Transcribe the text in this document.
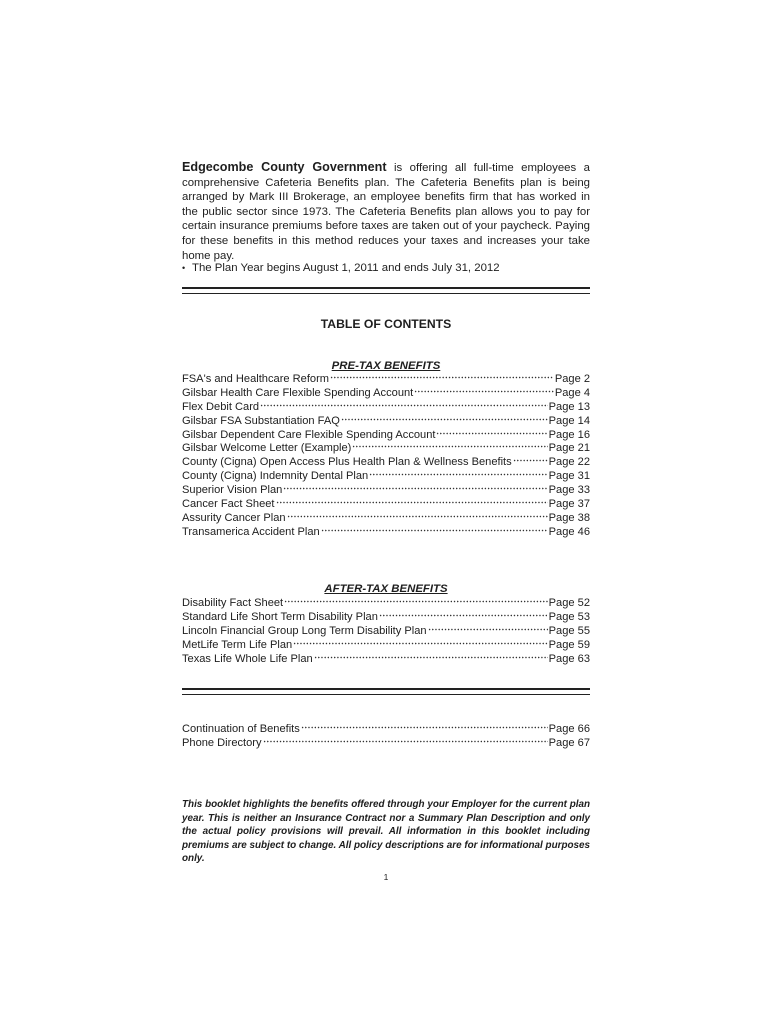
Edgecombe County Government is offering all full-time employees a comprehensive Cafeteria Benefits plan. The Cafeteria Benefits plan is being arranged by Mark III Brokerage, an employee benefits firm that has worked in the public sector since 1973. The Cafeteria Benefits plan allows you to pay for certain insurance premiums before taxes are taken out of your paycheck. Paying for these benefits in this method reduces your taxes and increases your take home pay.

• The Plan Year begins August 1, 2011 and ends July 31, 2012
TABLE OF CONTENTS
PRE-TAX BENEFITS
FSA's and Healthcare Reform	Page 2
Gilsbar Health Care Flexible Spending Account	Page 4
Flex Debit Card	Page 13
Gilsbar FSA Substantiation FAQ	Page 14
Gilsbar Dependent Care Flexible Spending Account	Page 16
Gilsbar Welcome Letter (Example)	Page 21
County (Cigna) Open Access Plus Health Plan & Wellness Benefits	Page 22
County (Cigna) Indemnity Dental Plan	Page 31
Superior Vision Plan	Page 33
Cancer Fact Sheet	Page 37
Assurity Cancer Plan	Page 38
Transamerica Accident Plan	Page 46
AFTER-TAX BENEFITS
Disability Fact Sheet	Page 52
Standard Life Short Term Disability Plan	Page 53
Lincoln Financial Group Long Term Disability Plan	Page 55
MetLife Term Life Plan	Page 59
Texas Life Whole Life Plan	Page 63
Continuation of Benefits	Page 66
Phone Directory	Page 67

This booklet highlights the benefits offered through your Employer for the current plan year. This is neither an Insurance Contract nor a Summary Plan Description and only the actual policy provisions will prevail. All information in this booklet including premiums are subject to change. All policy descriptions are for informational purposes only.

1
